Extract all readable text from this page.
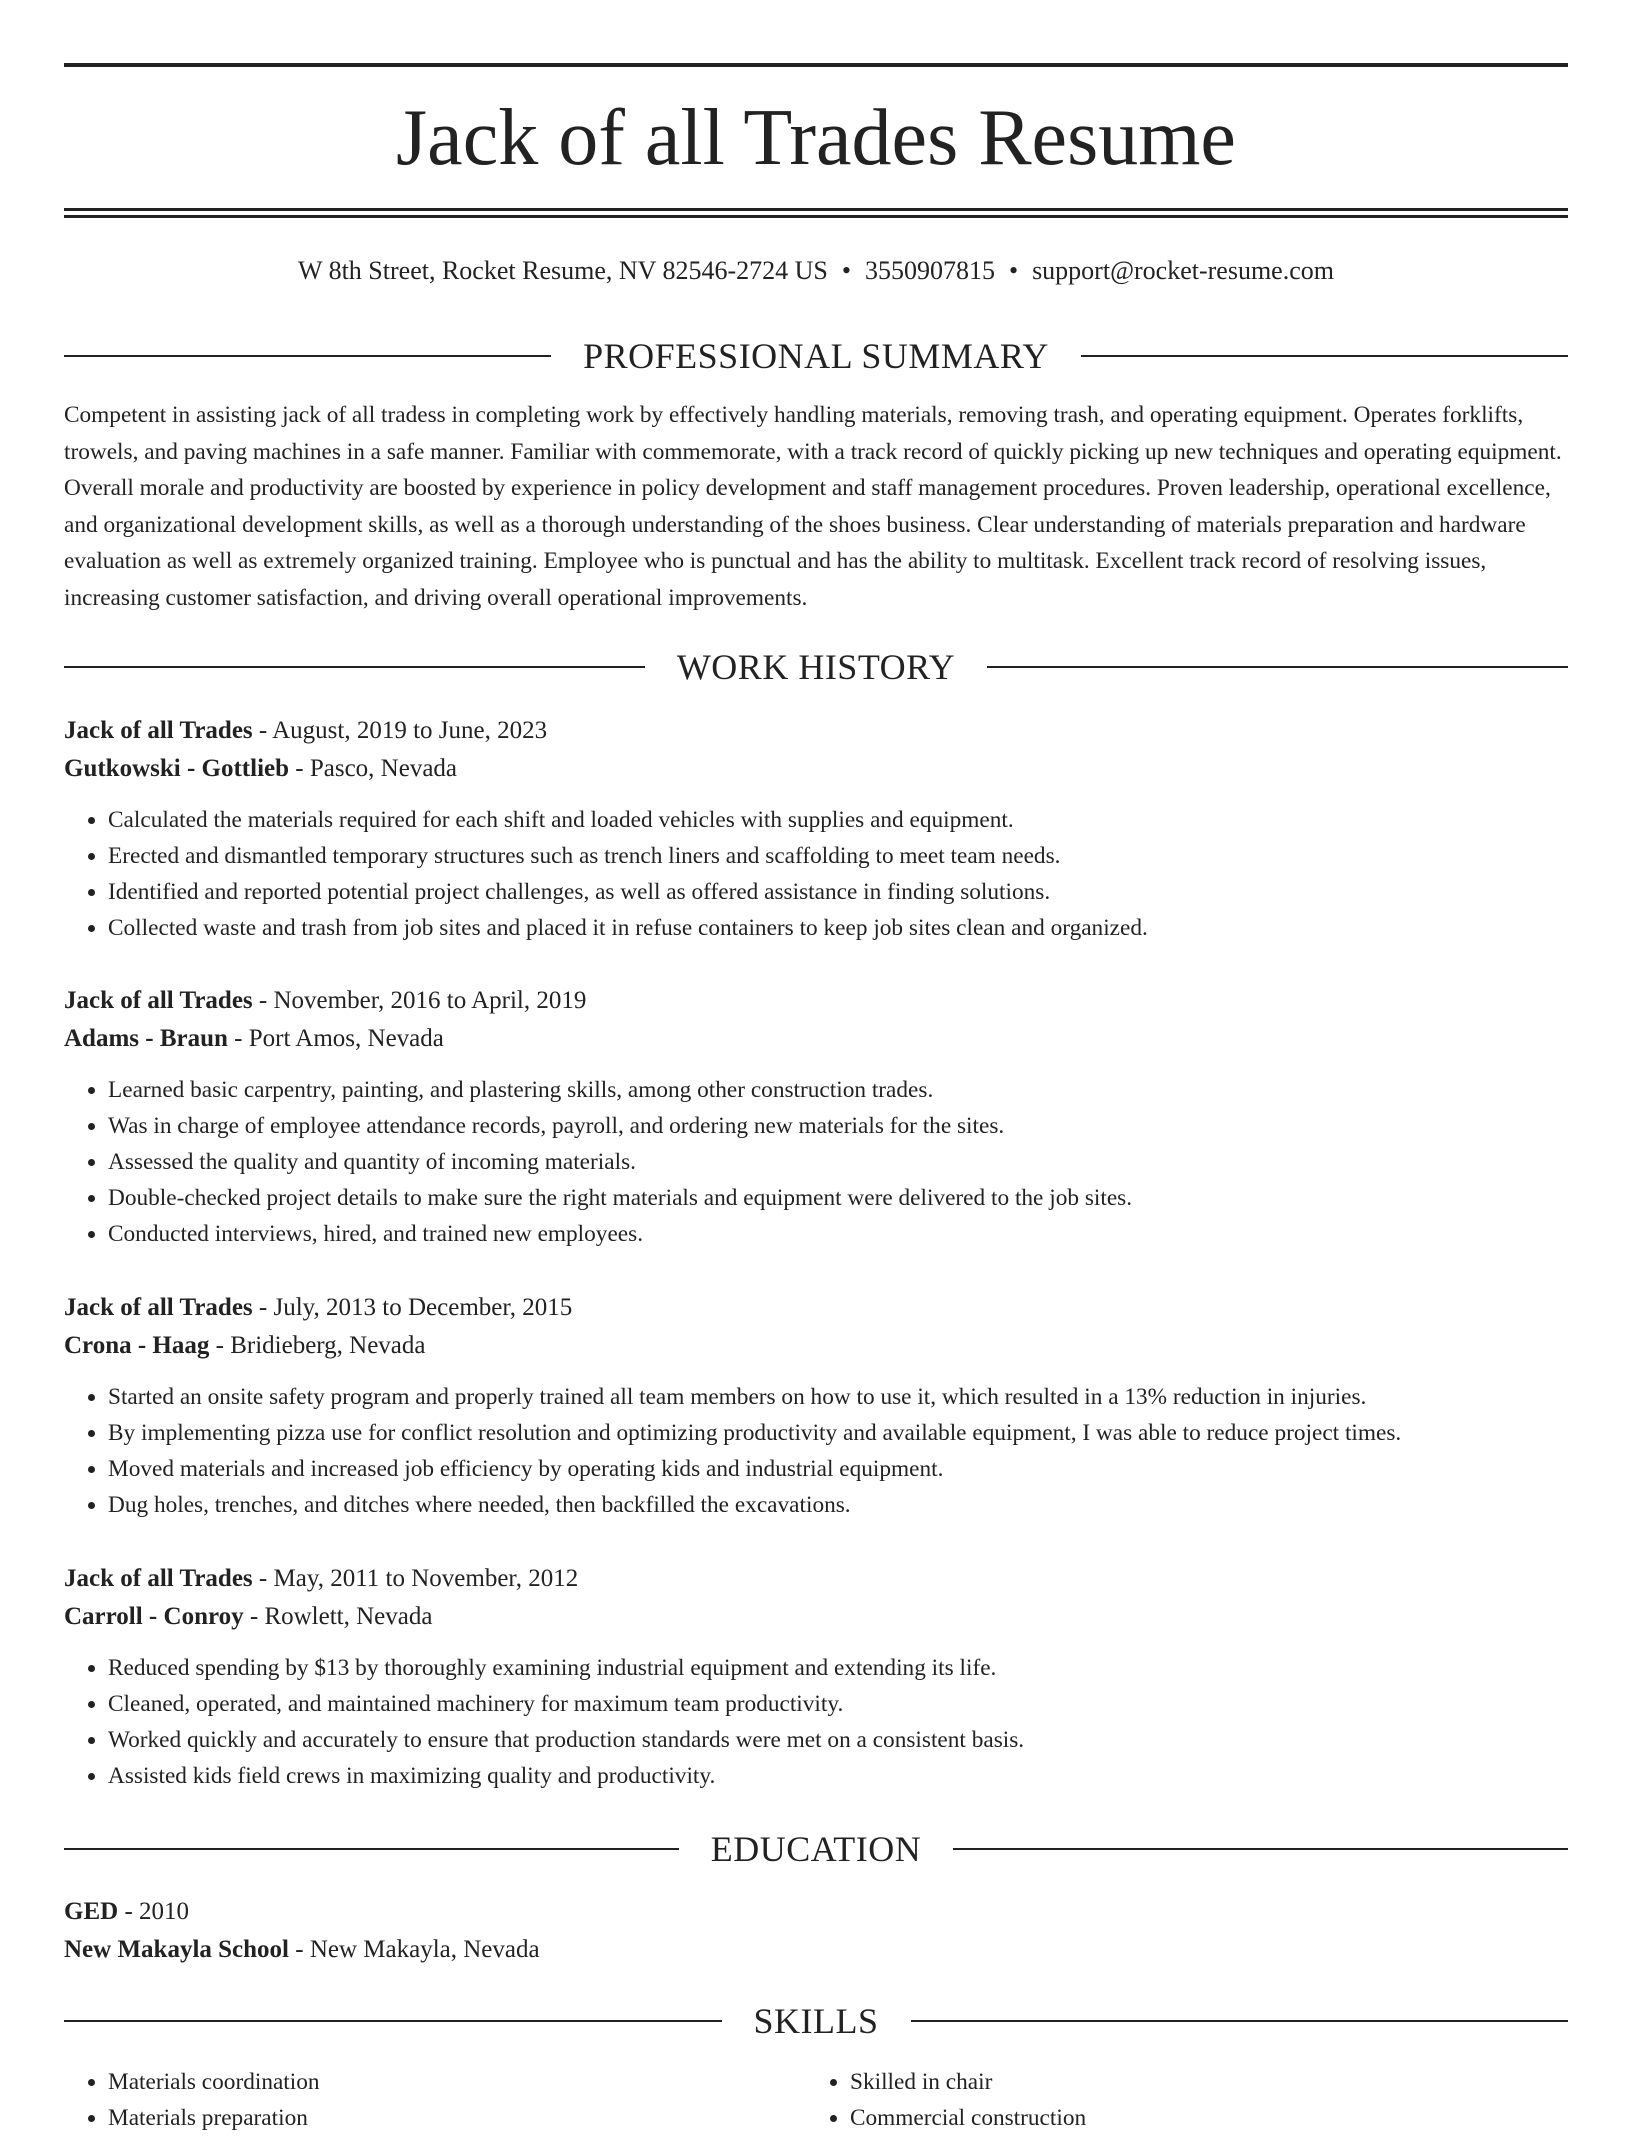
Jack of all Trades Resume
W 8th Street, Rocket Resume, NV 82546-2724 US • 3550907815 • support@rocket-resume.com
PROFESSIONAL SUMMARY

Competent in assisting jack of all tradess in completing work by effectively handling materials, removing trash, and operating equipment. Operates forklifts, trowels, and paving machines in a safe manner. Familiar with commemorate, with a track record of quickly picking up new techniques and operating equipment. Overall morale and productivity are boosted by experience in policy development and staff management procedures. Proven leadership, operational excellence, and organizational development skills, as well as a thorough understanding of the shoes business. Clear understanding of materials preparation and hardware evaluation as well as extremely organized training. Employee who is punctual and has the ability to multitask. Excellent track record of resolving issues, increasing customer satisfaction, and driving overall operational improvements.

WORK HISTORY
Jack of all Trades - August, 2019 to June, 2023
Gutkowski - Gottlieb - Pasco, Nevada
• Calculated the materials required for each shift and loaded vehicles with supplies and equipment.
• Erected and dismantled temporary structures such as trench liners and scaffolding to meet team needs.
• Identified and reported potential project challenges, as well as offered assistance in finding solutions.
• Collected waste and trash from job sites and placed it in refuse containers to keep job sites clean and organized.
Jack of all Trades - November, 2016 to April, 2019
Adams - Braun - Port Amos, Nevada
• Learned basic carpentry, painting, and plastering skills, among other construction trades.
• Was in charge of employee attendance records, payroll, and ordering new materials for the sites.
• Assessed the quality and quantity of incoming materials.
• Double-checked project details to make sure the right materials and equipment were delivered to the job sites.
• Conducted interviews, hired, and trained new employees.
Jack of all Trades - July, 2013 to December, 2015
Crona - Haag - Bridieberg, Nevada
• Started an onsite safety program and properly trained all team members on how to use it, which resulted in a 13% reduction in injuries.
• By implementing pizza use for conflict resolution and optimizing productivity and available equipment, I was able to reduce project times.
• Moved materials and increased job efficiency by operating kids and industrial equipment.
• Dug holes, trenches, and ditches where needed, then backfilled the excavations.
Jack of all Trades - May, 2011 to November, 2012
Carroll - Conroy - Rowlett, Nevada
• Reduced spending by $13 by thoroughly examining industrial equipment and extending its life.
• Cleaned, operated, and maintained machinery for maximum team productivity.
• Worked quickly and accurately to ensure that production standards were met on a consistent basis.
• Assisted kids field crews in maximizing quality and productivity.
EDUCATION
GED - 2010
New Makayla School - New Makayla, Nevada
SKILLS
• Materials coordination
• Materials preparation
• Skilled in chair
• Commercial construction
